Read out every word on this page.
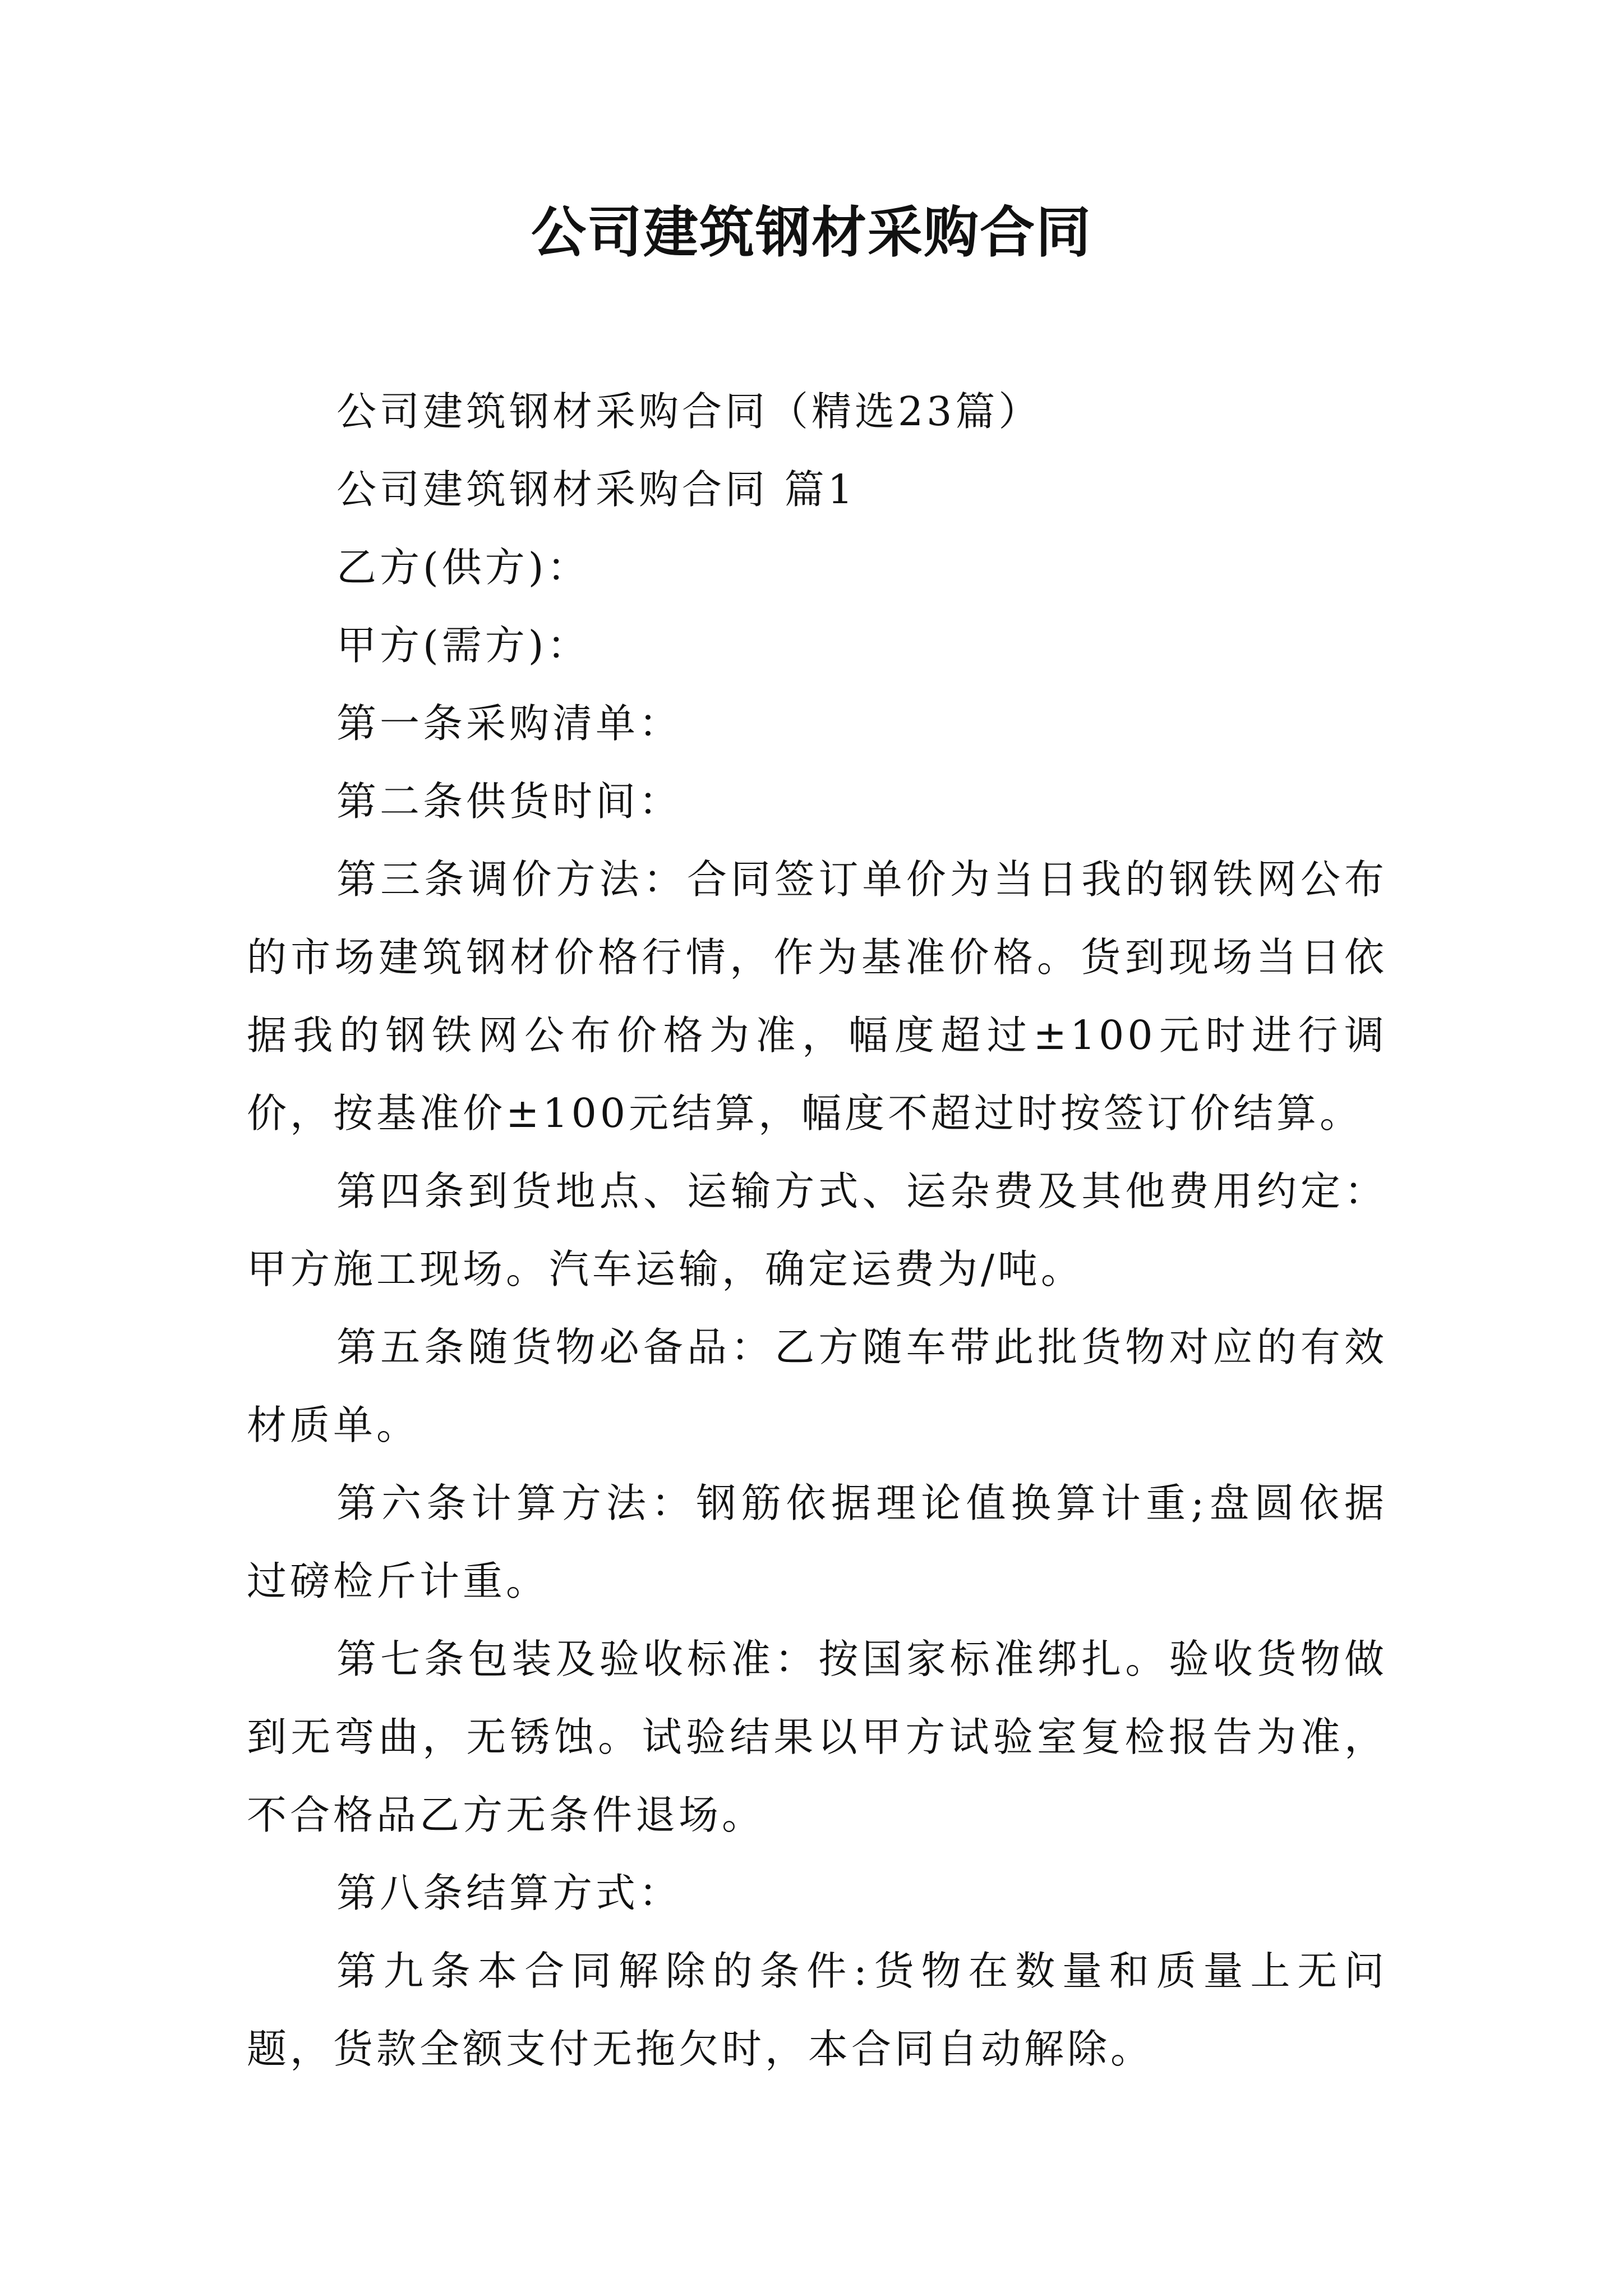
公司建筑钢材采购合同

公司建筑钢材采购合同（精选23篇）

公司建筑钢材采购合同 篇1

乙方(供方)：

甲方(需方)：

第一条采购清单：

第二条供货时间：

第三条调价方法：合同签订单价为当日我的钢铁网公布的市场建筑钢材价格行情，作为基准价格。货到现场当日依据我的钢铁网公布价格为准，幅度超过±100元时进行调价，按基准价±100元结算，幅度不超过时按签订价结算。

第四条到货地点、运输方式、运杂费及其他费用约定：甲方施工现场。汽车运输，确定运费为/吨。

第五条随货物必备品：乙方随车带此批货物对应的有效材质单。

第六条计算方法：钢筋依据理论值换算计重;盘圆依据过磅检斤计重。

第七条包装及验收标准：按国家标准绑扎。验收货物做到无弯曲，无锈蚀。试验结果以甲方试验室复检报告为准，不合格品乙方无条件退场。

第八条结算方式：

第九条本合同解除的条件:货物在数量和质量上无问题，货款全额支付无拖欠时，本合同自动解除。
